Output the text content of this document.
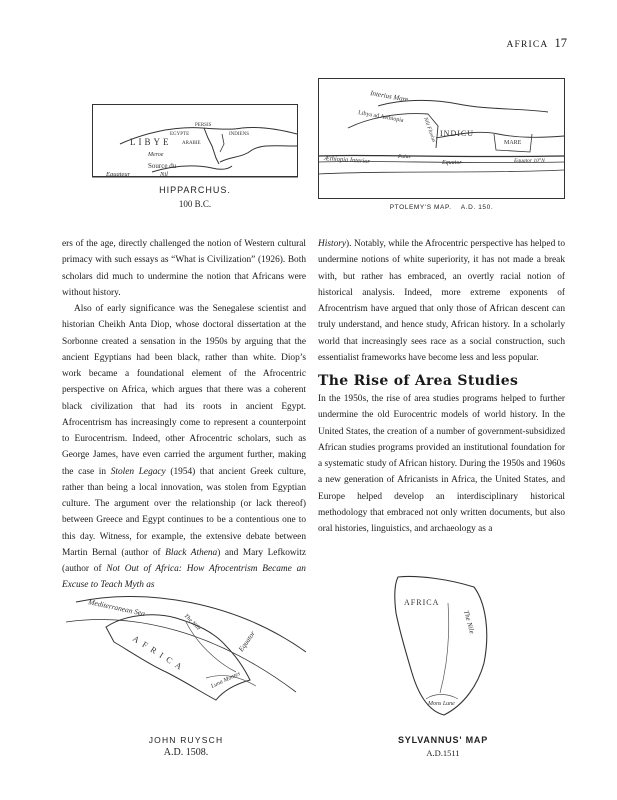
AFRICA 17
PERSIS
EGYPTE	INDIENS
LIBYE ARABIE
Meroe
Source du
Equateur	Nil
HIPPARCHUS.
100 B.C.
Interius Mare
Libya ad Aethiopia
INDICU
MARE
Æthiopia Interior	Equator	Equator 10°N
Palus
Nili Fluvius
PTOLEMY'S MAP.    A.D. 150.

ers of the age, directly challenged the notion of Western cultural primacy with such essays as “What is Civilization” (1926). Both scholars did much to undermine the notion that Africans were without history.

Also of early significance was the Senegalese scientist and historian Cheikh Anta Diop, whose doctoral dissertation at the Sorbonne created a sensation in the 1950s by arguing that the ancient Egyptians had been black, rather than white. Diop’s work became a foundational element of the Afrocentric perspective on Africa, which argues that there was a coherent black civilization that had its roots in ancient Egypt. Afrocentrism has increasingly come to represent a counterpoint to Eurocentrism. Indeed, other Afrocentric scholars, such as George James, have even carried the argument further, making the case in Stolen Legacy (1954) that ancient Greek culture, rather than being a local innovation, was stolen from Egyptian culture. The argument over the relationship (or lack thereof) between Greece and Egypt continues to be a contentious one to this day. Witness, for example, the extensive debate between Martin Bernal (author of Black Athena) and Mary Lefkowitz (author of Not Out of Africa: How Afrocentrism Became an Excuse to Teach Myth as

History). Notably, while the Afrocentric perspective has helped to undermine notions of white superiority, it has not made a break with, but rather has embraced, an overtly racial notion of historical analysis. Indeed, more extreme exponents of Afrocentrism have argued that only those of African descent can truly understand, and hence study, African history. In a scholarly world that increasingly sees race as a social construction, such essentialist frameworks have become less and less popular.

The Rise of Area Studies

In the 1950s, the rise of area studies programs helped to further undermine the old Eurocentric models of world history. In the United States, the creation of a number of government-subsidized African studies programs provided an institutional foundation for a systematic study of African history. During the 1950s and 1960s a new generation of Africanists in Africa, the United States, and Europe helped develop an interdisciplinary historical methodology that embraced not only written documents, but also oral histories, linguistics, and archaeology as a

Mediterranean Sea
AFRICA	Equator
The Nile
Luna Montes
JOHN RUYSCH
A.D. 1508.
AFRICA
The Nile
Mons Lune
SYLVANNUS' MAP
A.D.1511
